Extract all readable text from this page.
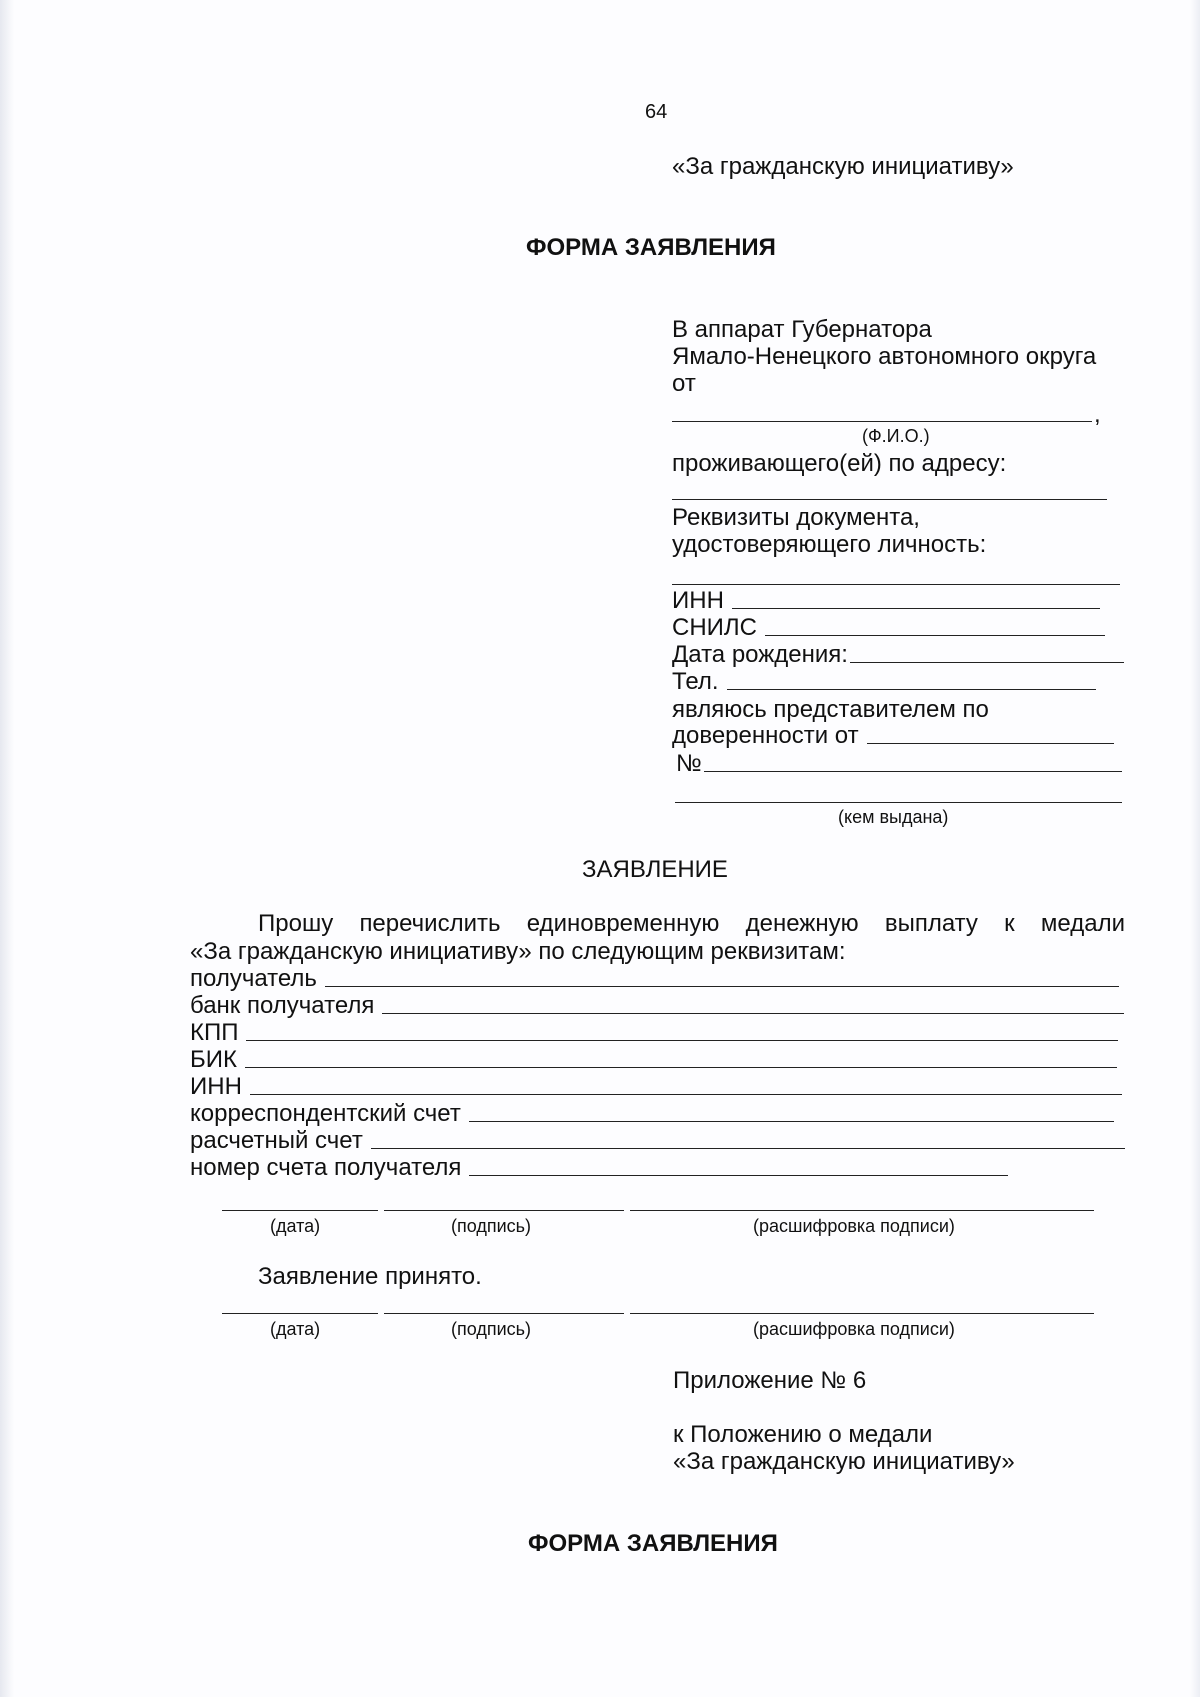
64
«За гражданскую инициативу»
ФОРМА ЗАЯВЛЕНИЯ
В аппарат Губернатора
Ямало-Ненецкого автономного округа
от
,
(Ф.И.О.)
проживающего(ей) по адресу:
Реквизиты документа,
удостоверяющего личность:
ИНН
СНИЛС
Дата рождения:
Тел.
являюсь представителем по
доверенности от
№
(кем выдана)
ЗАЯВЛЕНИЕ
Прошу перечислить единовременную денежную выплату к медали
«За гражданскую инициативу» по следующим реквизитам:
получатель
банк получателя
КПП
БИК
ИНН
корреспондентский счет
расчетный счет
номер счета получателя
(дата)	(подпись)	(расшифровка подписи)
Заявление принято.
(дата)	(подпись)	(расшифровка подписи)
Приложение № 6
к Положению о медали
«За гражданскую инициативу»
ФОРМА ЗАЯВЛЕНИЯ
